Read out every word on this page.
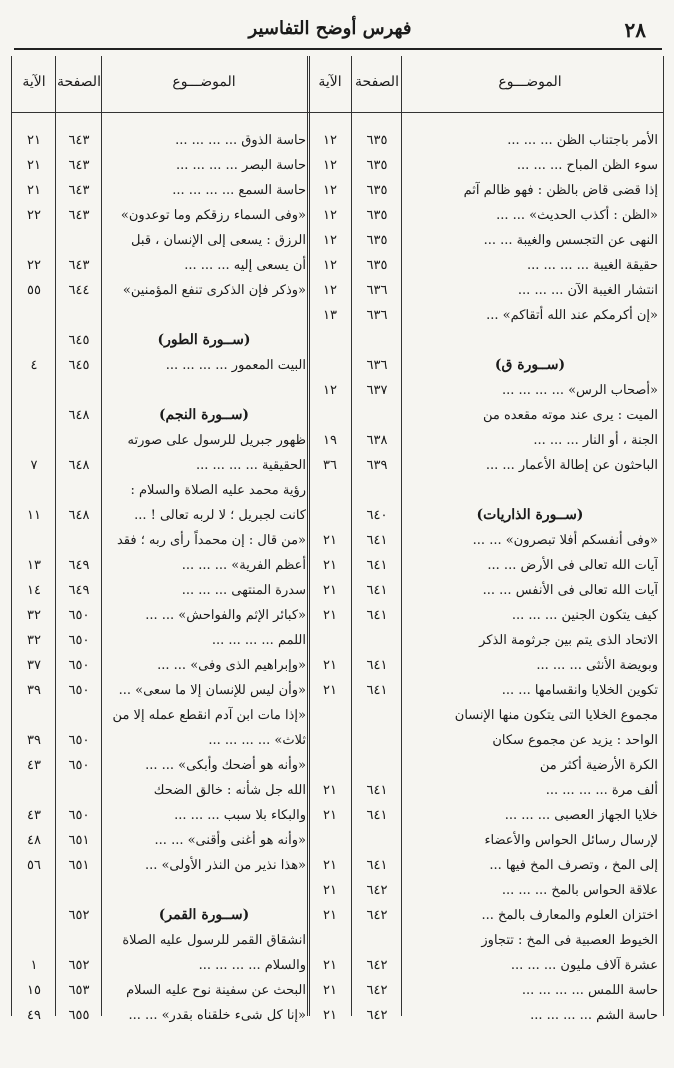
٢٨
فهرس أوضح التفاسير
الموضـــوع
الصفحة
الآية
الأمر باجتناب الظن ... ... ...
٦٣٥
١٢
سوء الظن المباح ... ... ...
٦٣٥
١٢
إذا قضى قاض بالظن : فهو ظالم آثم
٦٣٥
١٢
«الظن : أكذب الحديث» ... ...
٦٣٥
١٢
النهى عن التجسس والغيبة ... ...
٦٣٥
١٢
حقيقة الغيبة ... ... ... ...
٦٣٥
١٢
انتشار الغيبة الآن ... ... ...
٦٣٦
١٢
«إن أكرمكم عند الله أتقاكم» ...
٦٣٦
١٣
(ســورة ق)
٦٣٦
«أصحاب الرس» ... ... ... ...
٦٣٧
١٢
الميت : يرى عند موته مقعده من
الجنة ، أو النار ... ... ...
٦٣٨
١٩
الباحثون عن إطالة الأعمار ... ...
٦٣٩
٣٦
(ســورة الذاريات)
٦٤٠
«وفى أنفسكم أفلا تبصرون» ... ...
٦٤١
٢١
آيات الله تعالى فى الأرض ... ...
٦٤١
٢١
آيات الله تعالى فى الأنفس ... ...
٦٤١
٢١
كيف يتكون الجنين ... ... ...
٦٤١
٢١
الاتحاد الذى يتم بين جرثومة الذكر
وبويضة الأنثى ... ... ...
٦٤١
٢١
تكوين الخلايا وانقسامها ... ...
٦٤١
٢١
مجموع الخلايا التى يتكون منها الإنسان
الواحد : يزيد عن مجموع سكان
الكرة الأرضية أكثر من
ألف مرة ... ... ... ...
٦٤١
٢١
خلايا الجهاز العصبى ... ... ...
٦٤١
٢١
لإرسال رسائل الحواس والأعضاء
إلى المخ ، وتصرف المخ فيها ...
٦٤١
٢١
علاقة الحواس بالمخ ... ... ...
٦٤٢
٢١
اختزان العلوم والمعارف بالمخ ...
٦٤٢
٢١
الخيوط العصبية فى المخ : تتجاوز
عشرة آلاف مليون ... ... ...
٦٤٢
٢١
حاسة اللمس ... ... ... ...
٦٤٢
٢١
حاسة الشم ... ... ... ...
٦٤٢
٢١
الموضـــوع
الصفحة
الآية
حاسة الذوق ... ... ... ...
٦٤٣
٢١
حاسة البصر ... ... ... ...
٦٤٣
٢١
حاسة السمع ... ... ... ...
٦٤٣
٢١
«وفى السماء رزقكم وما توعدون»
٦٤٣
٢٢
الرزق : يسعى إلى الإنسان ، قبل
أن يسعى إليه ... ... ...
٦٤٣
٢٢
«وذكر فإن الذكرى تنفع المؤمنين»
٦٤٤
٥٥
(ســورة الطور)
٦٤٥
البيت المعمور ... ... ... ...
٦٤٥
٤
(ســورة النجم)
٦٤٨
ظهور جبريل للرسول على صورته
الحقيقية ... ... ... ...
٦٤٨
٧
رؤية محمد عليه الصلاة والسلام :
كانت لجبريل ؛ لا لربه تعالى ! ...
٦٤٨
١١
«من قال : إن محمداً رأى ربه ؛ فقد
أعظم الفرية» ... ... ...
٦٤٩
١٣
سدرة المنتهى ... ... ...
٦٤٩
١٤
«كبائر الإثم والفواحش» ... ...
٦٥٠
٣٢
اللمم ... ... ... ...
٦٥٠
٣٢
«وإبراهيم الذى وفى» ... ...
٦٥٠
٣٧
«وأن ليس للإنسان إلا ما سعى» ...
٦٥٠
٣٩
«إذا مات ابن آدم انقطع عمله إلا من
ثلاث» ... ... ... ...
٦٥٠
٣٩
«وأنه هو أضحك وأبكى» ... ...
٦٥٠
٤٣
الله جل شأنه : خالق الضحك
والبكاء بلا سبب ... ... ...
٦٥٠
٤٣
«وأنه هو أغنى وأقنى» ... ...
٦٥١
٤٨
«هذا نذير من النذر الأولى» ...
٦٥١
٥٦
(ســورة القمر)
٦٥٢
انشقاق القمر للرسول عليه الصلاة
والسلام ... ... ... ...
٦٥٢
١
البحث عن سفينة نوح عليه السلام
٦٥٣
١٥
«إنا كل شىء خلقناه بقدر» ... ...
٦٥٥
٤٩
